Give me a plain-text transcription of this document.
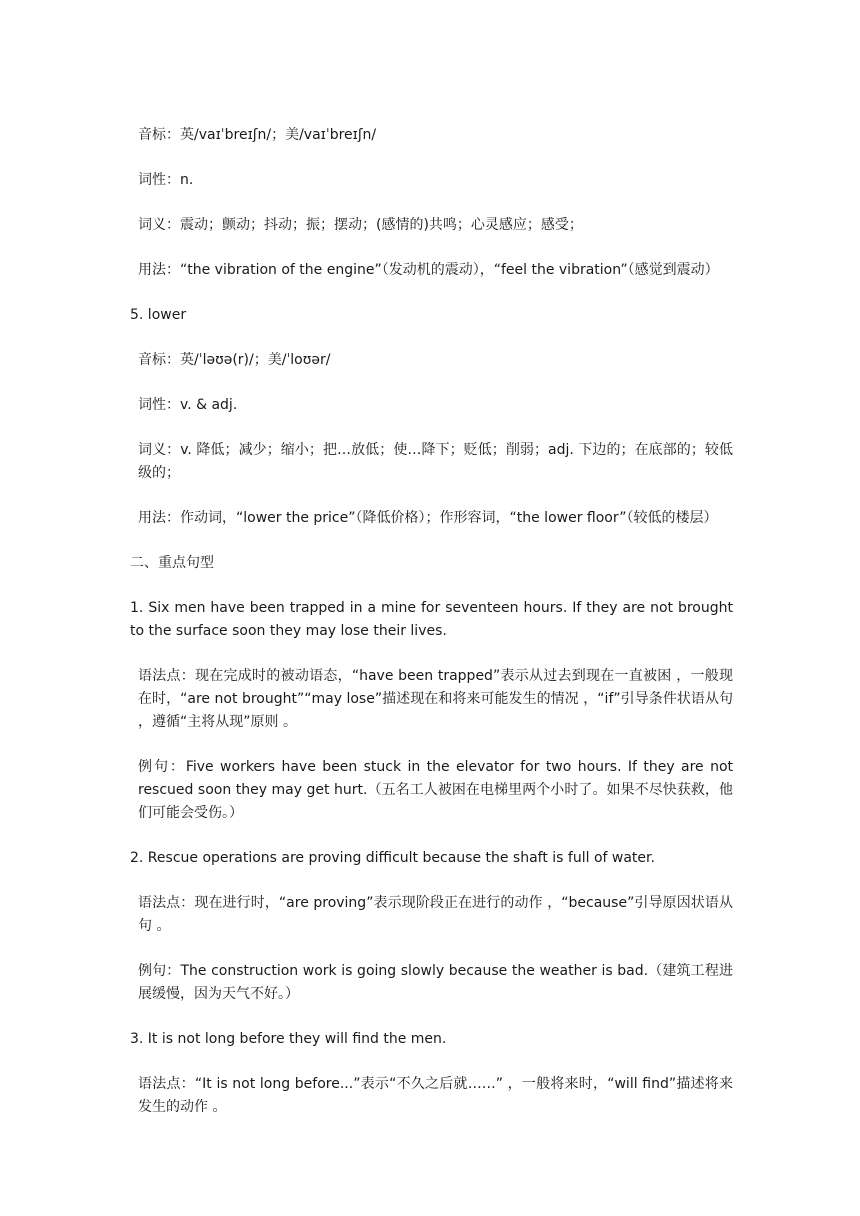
音标：英/vaɪˈbreɪʃn/；美/vaɪˈbreɪʃn/

词性：n.

词义：震动；颤动；抖动；振；摆动；(感情的)共鸣；心灵感应；感受；

用法：“the vibration of the engine”（发动机的震动），“feel the vibration”（感觉到震动）

5. lower

音标：英/ˈləʊə(r)/；美/ˈloʊər/

词性：v. & adj.

词义：v. 降低；减少；缩小；把…放低；使…降下；贬低；削弱；adj. 下边的；在底部的；较低级的；

用法：作动词，“lower the price”（降低价格）；作形容词，“the lower floor”（较低的楼层）

二、重点句型

1. Six men have been trapped in a mine for seventeen hours. If they are not brought to the surface soon they may lose their lives.

语法点：现在完成时的被动语态，“have been trapped”表示从过去到现在一直被困 ，一般现在时，“are not brought”“may lose”描述现在和将来可能发生的情况 ，“if”引导条件状语从句 ，遵循“主将从现”原则 。

例句：Five workers have been stuck in the elevator for two hours. If they are not rescued soon they may get hurt.（五名工人被困在电梯里两个小时了。如果不尽快获救，他们可能会受伤。）

2. Rescue operations are proving difficult because the shaft is full of water.

语法点：现在进行时，“are proving”表示现阶段正在进行的动作 ，“because”引导原因状语从句 。

例句：The construction work is going slowly because the weather is bad.（建筑工程进展缓慢，因为天气不好。）

3. It is not long before they will find the men.

语法点：“It is not long before...”表示“不久之后就……” ，一般将来时，“will find”描述将来发生的动作 。
